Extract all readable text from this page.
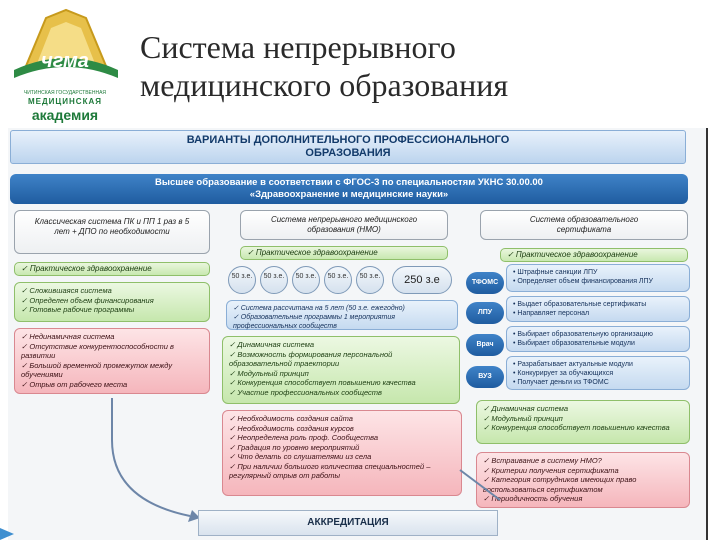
чгма
ЧИТИНСКАЯ ГОСУДАРСТВЕННАЯ
МЕДИЦИНСКАЯ
академия
Система непрерывного
медицинского образования
ВАРИАНТЫ ДОПОЛНИТЕЛЬНОГО ПРОФЕССИОНАЛЬНОГО
ОБРАЗОВАНИЯ
Высшее образование в соответствии с ФГОС-3 по специальностям УКНС 30.00.00
«Здравоохранение и медицинские науки»
Классическая система ПК и ПП 1 раз в 5 лет + ДПО по необходимости
Система непрерывного медицинского образования (НМО)
Система образовательного сертификата
✓ Практическое здравоохранение
✓ Практическое здравоохранение	✓ Практическое здравоохранение
50 з.е.	50 з.е.	50 з.е.	50 з.е.	50 з.е.	250 з.е
✓ Сложившаяся система
✓ Определен объем финансирования
✓ Готовые рабочие программы
✓ Нединамичная система
✓ Отсутствие конкурентоспособности в развитии
✓ Большой временной промежуток между обучениями
✓ Отрыв от рабочего места
✓ Система рассчитана на 5 лет (50 з.е. ежегодно)
✓ Образовательные программы 1 мероприятия профессиональных сообществ
✓ Динамичная система
✓ Возможность формирования персональной образовательной траектории
✓ Модульный принцип
✓ Конкуренция способствует повышению качества
✓ Участие профессиональных сообществ
✓ Необходимость создания сайта
✓ Необходимость создания курсов
✓ Неопределена роль проф. Сообщества
✓ Градация по уровню мероприятий
✓ Что делать со слушателями из села
✓ При наличии большого количества специальностей – регулярный отрыв от работы
ТФОМС
• Штрафные санкции ЛПУ
• Определяет объем финансирования ЛПУ
ЛПУ
• Выдает образовательные сертификаты
• Направляет персонал
Врач
• Выбирает образовательную организацию
• Выбирает образовательные модули
ВУЗ
• Разрабатывает актуальные модули
• Конкурирует за обучающихся
• Получает деньги из ТФОМС
✓ Динамичная система
✓ Модульный принцип
✓ Конкуренция способствует повышению качества
✓ Встраивание в систему НМО?
✓ Критерии получения сертификата
✓ Категория сотрудников имеющих право воспользоваться сертификатом
✓ Периодичность обучения
АККРЕДИТАЦИЯ
